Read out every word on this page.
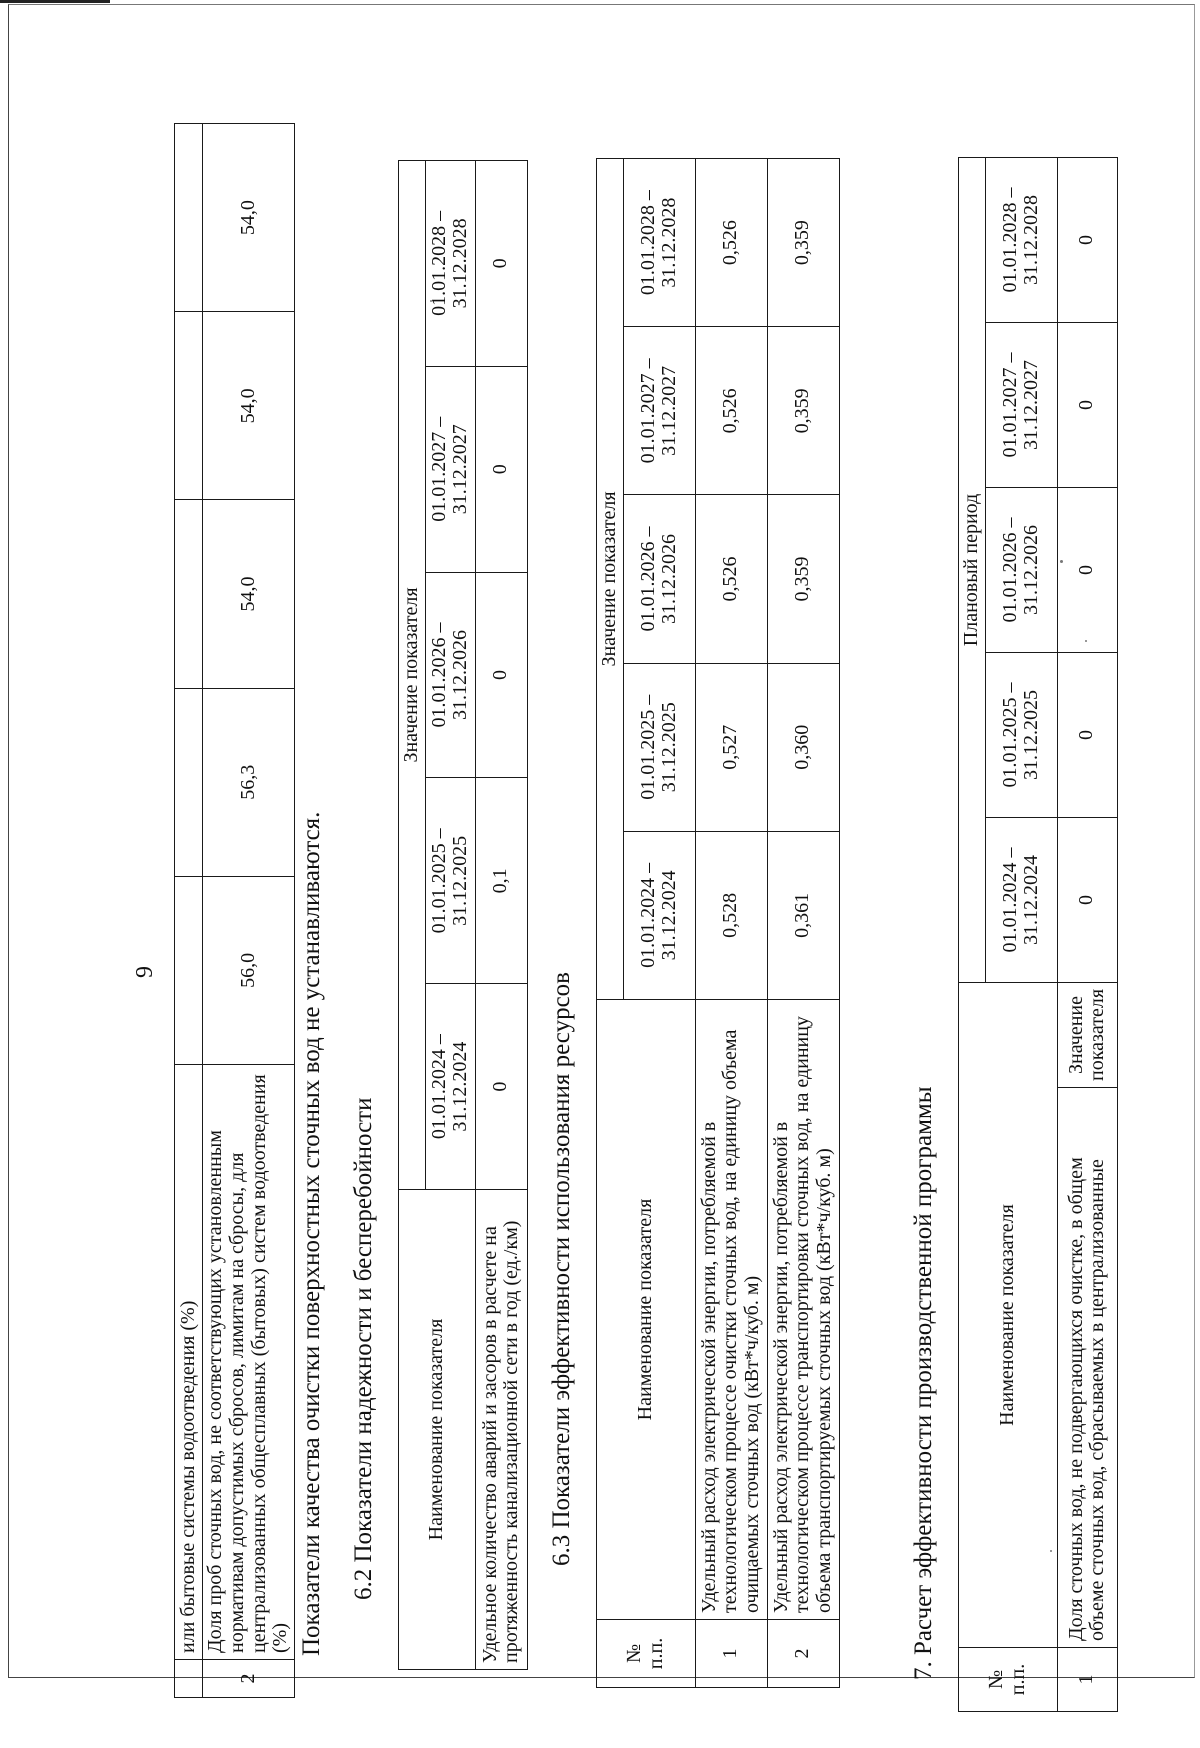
9
	или бытовые системы водоотведения (%)					
2	Доля проб сточных вод, не соответствующих установленным нормативам допустимых сбросов, лимитам на сбросы, для централизованных общесплавных (бытовых) систем водоотведения (%)	56,0	56,3	54,0	54,0	54,0
Показатели качества очистки поверхностных сточных вод не устанавливаются. 6.2 Показатели надежности и бесперебойности Наименование показателя	Значение показателя				
	01.01.2024 – 31.12.2024	01.01.2025 – 31.12.2025	01.01.2026 – 31.12.2026	01.01.2027 – 31.12.2027	01.01.2028 – 31.12.2028
Удельное количество аварий и засоров в расчете на протяженность канализационной сети в год (ед./км)	0	0,1	0	0	0
6.3 Показатели эффективности использования ресурсов
№ п.п.	Наименование показателя	Значение показателя				
		01.01.2024 – 31.12.2024	01.01.2025 – 31.12.2025	01.01.2026 – 31.12.2026	01.01.2027 – 31.12.2027	01.01.2028 – 31.12.2028
1	Удельный расход электрической энергии, потребляемой в технологическом процессе очистки сточных вод, на единицу объема очищаемых сточных вод (кВт*ч/куб. м)	0,528	0,527	0,526	0,526	0,526
2	Удельный расход электрической энергии, потребляемой в технологическом процессе транспортировки сточных вод, на единицу объема транспортируемых сточных вод (кВт*ч/куб. м)	0,361	0,360	0,359	0,359	0,359
7. Расчет эффективности производственной программы № п.п.	Наименование показателя		Плановый период				
			01.01.2024 – 31.12.2024	01.01.2025 – 31.12.2025	01.01.2026 – 31.12.2026	01.01.2027 – 31.12.2027	01.01.2028 – 31.12.2028
1	Доля сточных вод, не подвергающихся очистке, в общем объеме сточных вод, сбрасываемых в централизованные	Значение показателя	0	0	0	0	0
